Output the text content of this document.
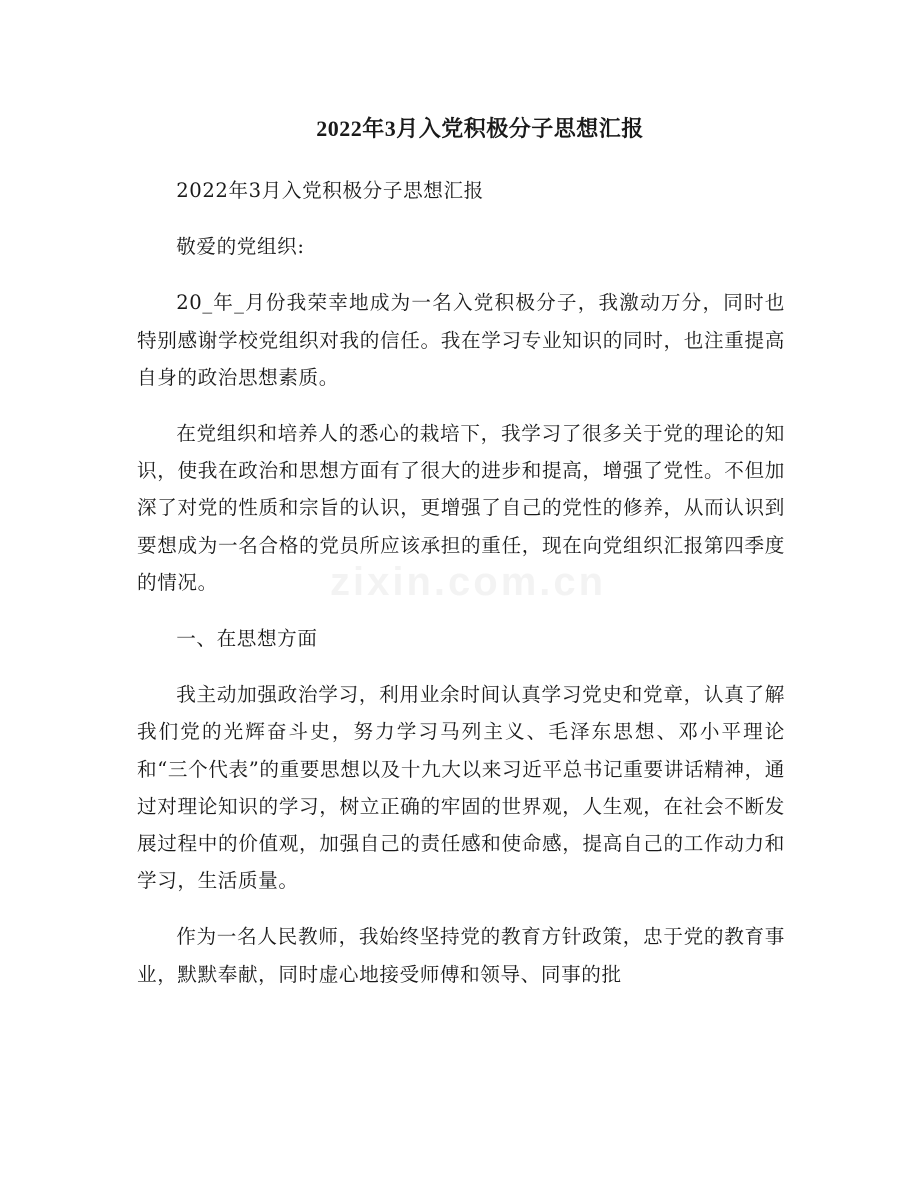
2022年3月入党积极分子思想汇报

2022年3月入党积极分子思想汇报

敬爱的党组织:

20_年_月份我荣幸地成为一名入党积极分子，我激动万分，同时也特别感谢学校党组织对我的信任。我在学习专业知识的同时，也注重提高自身的政治思想素质。

在党组织和培养人的悉心的栽培下，我学习了很多关于党的理论的知识，使我在政治和思想方面有了很大的进步和提高，增强了党性。不但加深了对党的性质和宗旨的认识，更增强了自己的党性的修养，从而认识到要想成为一名合格的党员所应该承担的重任，现在向党组织汇报第四季度的情况。

一、在思想方面

我主动加强政治学习，利用业余时间认真学习党史和党章，认真了解我们党的光辉奋斗史，努力学习马列主义、毛泽东思想、邓小平理论和“三个代表”的重要思想以及十九大以来习近平总书记重要讲话精神，通过对理论知识的学习，树立正确的牢固的世界观，人生观，在社会不断发展过程中的价值观，加强自己的责任感和使命感，提高自己的工作动力和学习，生活质量。

作为一名人民教师，我始终坚持党的教育方针政策，忠于党的教育事业，默默奉献，同时虚心地接受师傅和领导、同事的批

zixin.com.cn
